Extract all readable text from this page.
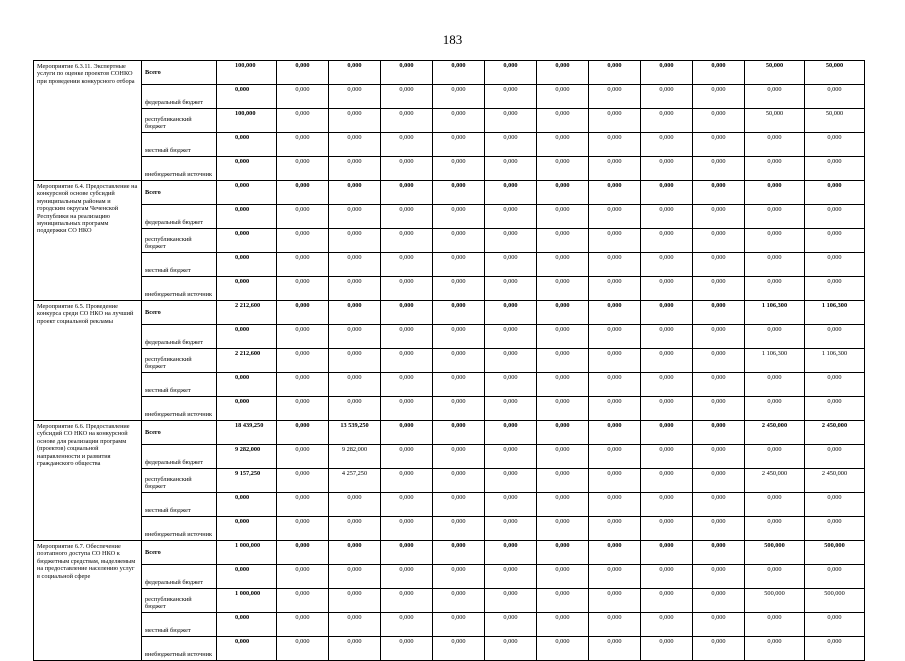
183
Мероприятие 6.3.11. Экспертные услуги по оценке проектов СОНКО при проведении конкурсного отбора	Всего	100,000	0,000	0,000	0,000	0,000	0,000	0,000	0,000	0,000	0,000	50,000	50,000
	федеральный бюджет	0,000	0,000	0,000	0,000	0,000	0,000	0,000	0,000	0,000	0,000	0,000	0,000
	республиканский бюджет	100,000	0,000	0,000	0,000	0,000	0,000	0,000	0,000	0,000	0,000	50,000	50,000
	местный бюджет	0,000	0,000	0,000	0,000	0,000	0,000	0,000	0,000	0,000	0,000	0,000	0,000
	внебюджетный источник	0,000	0,000	0,000	0,000	0,000	0,000	0,000	0,000	0,000	0,000	0,000	0,000
Мероприятие 6.4. Предоставление на конкурсной основе субсидий муниципальным районам и городским округам Чеченской Республики на реализацию муниципальных программ поддержки СО НКО	Всего	0,000	0,000	0,000	0,000	0,000	0,000	0,000	0,000	0,000	0,000	0,000	0,000
	федеральный бюджет	0,000	0,000	0,000	0,000	0,000	0,000	0,000	0,000	0,000	0,000	0,000	0,000
	республиканский бюджет	0,000	0,000	0,000	0,000	0,000	0,000	0,000	0,000	0,000	0,000	0,000	0,000
	местный бюджет	0,000	0,000	0,000	0,000	0,000	0,000	0,000	0,000	0,000	0,000	0,000	0,000
	внебюджетный источник	0,000	0,000	0,000	0,000	0,000	0,000	0,000	0,000	0,000	0,000	0,000	0,000
Мероприятие 6.5. Проведение конкурса среди СО НКО на лучший проект социальной рекламы	Всего	2 212,600	0,000	0,000	0,000	0,000	0,000	0,000	0,000	0,000	0,000	1 106,300	1 106,300
	федеральный бюджет	0,000	0,000	0,000	0,000	0,000	0,000	0,000	0,000	0,000	0,000	0,000	0,000
	республиканский бюджет	2 212,600	0,000	0,000	0,000	0,000	0,000	0,000	0,000	0,000	0,000	1 106,300	1 106,300
	местный бюджет	0,000	0,000	0,000	0,000	0,000	0,000	0,000	0,000	0,000	0,000	0,000	0,000
	внебюджетный источник	0,000	0,000	0,000	0,000	0,000	0,000	0,000	0,000	0,000	0,000	0,000	0,000
Мероприятие 6.6. Предоставление субсидий СО НКО на конкурсной основе для реализации программ (проектов) социальной направленности и развития гражданского общества	Всего	18 439,250	0,000	13 539,250	0,000	0,000	0,000	0,000	0,000	0,000	0,000	2 450,000	2 450,000
	федеральный бюджет	9 282,000	0,000	9 282,000	0,000	0,000	0,000	0,000	0,000	0,000	0,000	0,000	0,000
	республиканский бюджет	9 157,250	0,000	4 257,250	0,000	0,000	0,000	0,000	0,000	0,000	0,000	2 450,000	2 450,000
	местный бюджет	0,000	0,000	0,000	0,000	0,000	0,000	0,000	0,000	0,000	0,000	0,000	0,000
	внебюджетный источник	0,000	0,000	0,000	0,000	0,000	0,000	0,000	0,000	0,000	0,000	0,000	0,000
Мероприятие 6.7. Обеспечение поэтапного доступа СО НКО к бюджетным средствам, выделяемым на предоставление населению услуг в социальной сфере	Всего	1 000,000	0,000	0,000	0,000	0,000	0,000	0,000	0,000	0,000	0,000	500,000	500,000
	федеральный бюджет	0,000	0,000	0,000	0,000	0,000	0,000	0,000	0,000	0,000	0,000	0,000	0,000
	республиканский бюджет	1 000,000	0,000	0,000	0,000	0,000	0,000	0,000	0,000	0,000	0,000	500,000	500,000
	местный бюджет	0,000	0,000	0,000	0,000	0,000	0,000	0,000	0,000	0,000	0,000	0,000	0,000
	внебюджетный источник	0,000	0,000	0,000	0,000	0,000	0,000	0,000	0,000	0,000	0,000	0,000	0,000
